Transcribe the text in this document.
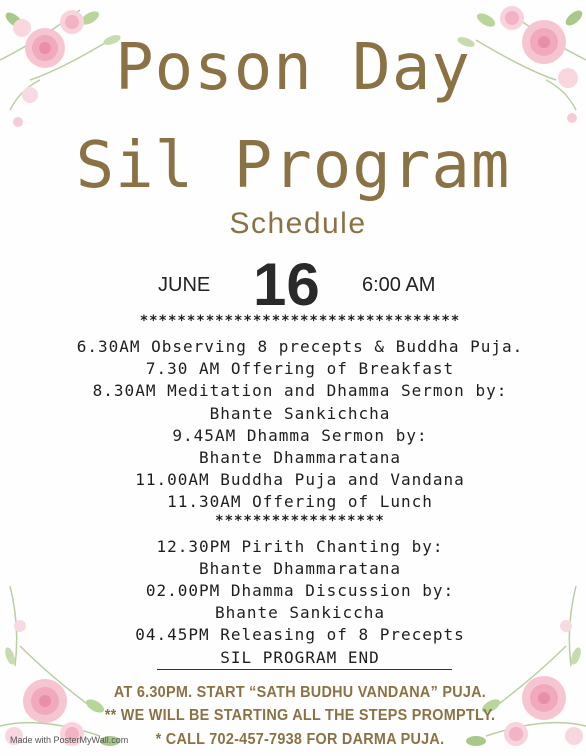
Poson Day
Sil Program
Schedule
JUNE 16 6:00 AM
**********************************
6.30AM Observing 8 precepts & Buddha Puja.
7.30 AM Offering of Breakfast
8.30AM Meditation and Dhamma Sermon by:
Bhante Sankichcha
9.45AM Dhamma Sermon by:
Bhante Dhammaratana
11.00AM Buddha Puja and Vandana
11.30AM Offering of Lunch
******************
12.30PM Pirith Chanting by:
Bhante Dhammaratana
02.00PM Dhamma Discussion by:
Bhante Sankiccha
04.45PM Releasing of 8 Precepts
SIL PROGRAM END
AT 6.30PM. START “SATH BUDHU VANDANA” PUJA.
** WE WILL BE STARTING ALL THE STEPS PROMPTLY.
* CALL 702-457-7938 FOR DARMA PUJA.
Made with PosterMyWall.com
